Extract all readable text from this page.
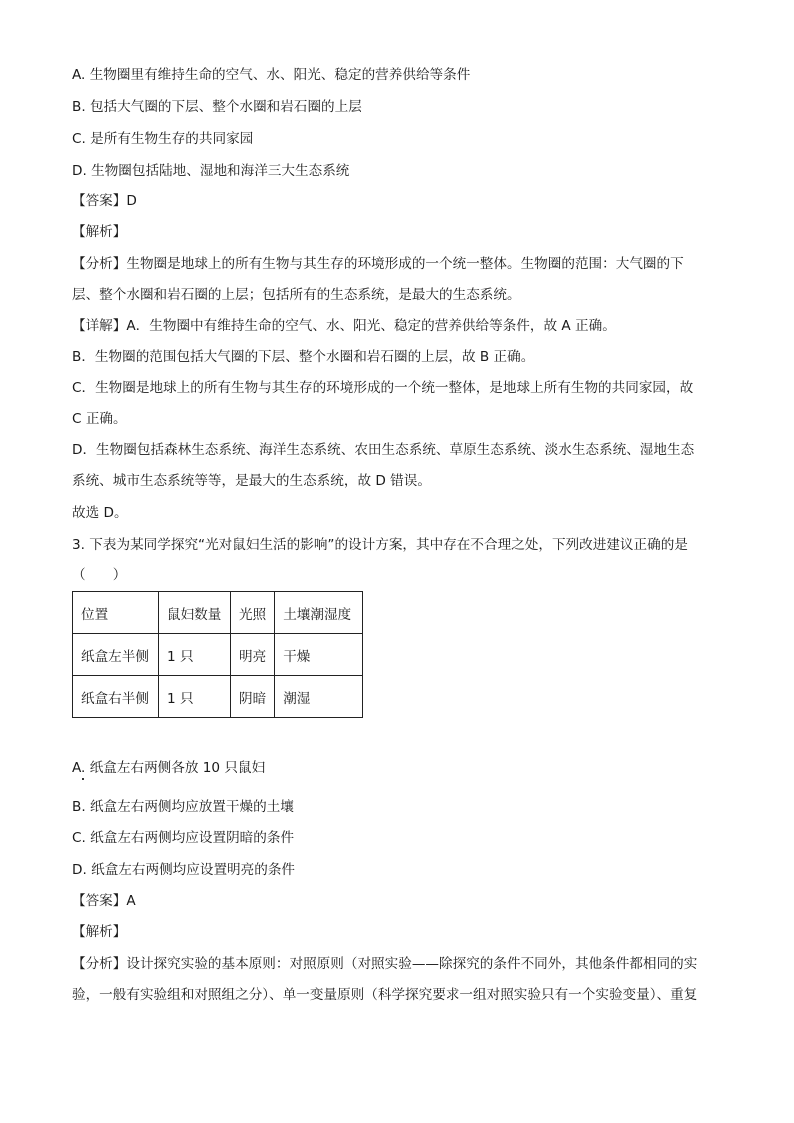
A. 生物圈里有维持生命的空气、水、阳光、稳定的营养供给等条件
B. 包括大气圈的下层、整个水圈和岩石圈的上层
C. 是所有生物生存的共同家园
D. 生物圈包括陆地、湿地和海洋三大生态系统
【答案】D
【解析】
【分析】生物圈是地球上的所有生物与其生存的环境形成的一个统一整体。生物圈的范围：大气圈的下
层、整个水圈和岩石圈的上层；包括所有的生态系统，是最大的生态系统。
【详解】A．生物圈中有维持生命的空气、水、阳光、稳定的营养供给等条件，故 A 正确。
B．生物圈的范围包括大气圈的下层、整个水圈和岩石圈的上层，故 B 正确。
C．生物圈是地球上的所有生物与其生存的环境形成的一个统一整体，是地球上所有生物的共同家园，故
C 正确。
D．生物圈包括森林生态系统、海洋生态系统、农田生态系统、草原生态系统、淡水生态系统、湿地生态
系统、城市生态系统等等，是最大的生态系统，故 D 错误。
故选 D。
3. 下表为某同学探究“光对鼠妇生活的影响”的设计方案，其中存在不合理之处，下列改进建议正确的是
（　　）
位置	鼠妇数量	光照	土壤潮湿度
纸盒左半侧	1 只	明亮	干燥
纸盒右半侧	1 只	阴暗	潮湿
A. 纸盒左右两侧各放 10 只鼠妇
B. 纸盒左右两侧均应放置干燥的土壤
C. 纸盒左右两侧均应设置阴暗的条件
D. 纸盒左右两侧均应设置明亮的条件
【答案】A
【解析】
【分析】设计探究实验的基本原则：对照原则（对照实验——除探究的条件不同外，其他条件都相同的实
验，一般有实验组和对照组之分）、单一变量原则（科学探究要求一组对照实验只有一个实验变量）、重复
